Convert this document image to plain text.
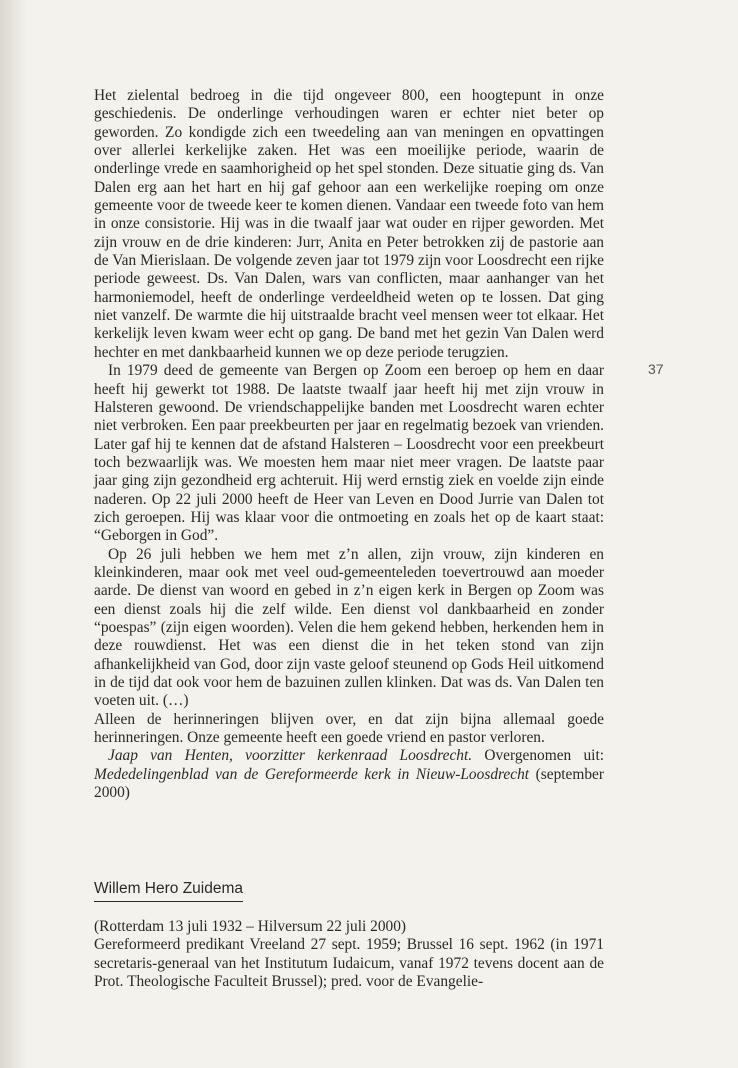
Het zielental bedroeg in die tijd ongeveer 800, een hoogtepunt in onze geschiedenis. De onderlinge verhoudingen waren er echter niet beter op geworden. Zo kondigde zich een tweedeling aan van meningen en opvattingen over allerlei kerkelijke zaken. Het was een moeilijke periode, waarin de onderlinge vrede en saamhorigheid op het spel stonden. Deze situatie ging ds. Van Dalen erg aan het hart en hij gaf gehoor aan een werkelijke roeping om onze gemeente voor de tweede keer te komen dienen. Vandaar een tweede foto van hem in onze consistorie. Hij was in die twaalf jaar wat ouder en rijper geworden. Met zijn vrouw en de drie kinderen: Jurr, Anita en Peter betrokken zij de pastorie aan de Van Mierislaan. De volgende zeven jaar tot 1979 zijn voor Loosdrecht een rijke periode geweest. Ds. Van Dalen, wars van conflicten, maar aanhanger van het harmoniemodel, heeft de onderlinge verdeeldheid weten op te lossen. Dat ging niet vanzelf. De warmte die hij uitstraalde bracht veel mensen weer tot elkaar. Het kerkelijk leven kwam weer echt op gang. De band met het gezin Van Dalen werd hechter en met dankbaarheid kunnen we op deze periode terugzien.

In 1979 deed de gemeente van Bergen op Zoom een beroep op hem en daar heeft hij gewerkt tot 1988. De laatste twaalf jaar heeft hij met zijn vrouw in Halsteren gewoond. De vriendschappelijke banden met Loosdrecht waren echter niet verbroken. Een paar preekbeurten per jaar en regelmatig bezoek van vrienden. Later gaf hij te kennen dat de afstand Halsteren – Loosdrecht voor een preekbeurt toch bezwaarlijk was. We moesten hem maar niet meer vragen. De laatste paar jaar ging zijn gezondheid erg achteruit. Hij werd ernstig ziek en voelde zijn einde naderen. Op 22 juli 2000 heeft de Heer van Leven en Dood Jurrie van Dalen tot zich geroepen. Hij was klaar voor die ontmoeting en zoals het op de kaart staat: “Geborgen in God”.

Op 26 juli hebben we hem met z’n allen, zijn vrouw, zijn kinderen en kleinkinderen, maar ook met veel oud-gemeenteleden toevertrouwd aan moeder aarde. De dienst van woord en gebed in z’n eigen kerk in Bergen op Zoom was een dienst zoals hij die zelf wilde. Een dienst vol dankbaarheid en zonder “poespas” (zijn eigen woorden). Velen die hem gekend hebben, herkenden hem in deze rouwdienst. Het was een dienst die in het teken stond van zijn afhankelijkheid van God, door zijn vaste geloof steunend op Gods Heil uitkomend in de tijd dat ook voor hem de bazuinen zullen klinken. Dat was ds. Van Dalen ten voeten uit. (…)

Alleen de herinneringen blijven over, en dat zijn bijna allemaal goede herinneringen. Onze gemeente heeft een goede vriend en pastor verloren.

Jaap van Henten, voorzitter kerkenraad Loosdrecht. Overgenomen uit: Mededelingenblad van de Gereformeerde kerk in Nieuw-Loosdrecht (september 2000)

37
Willem Hero Zuidema

(Rotterdam 13 juli 1932 – Hilversum 22 juli 2000)

Gereformeerd predikant Vreeland 27 sept. 1959; Brussel 16 sept. 1962 (in 1971 secretaris-generaal van het Institutum Iudaicum, vanaf 1972 tevens docent aan de Prot. Theologische Faculteit Brussel); pred. voor de Evangelie-
